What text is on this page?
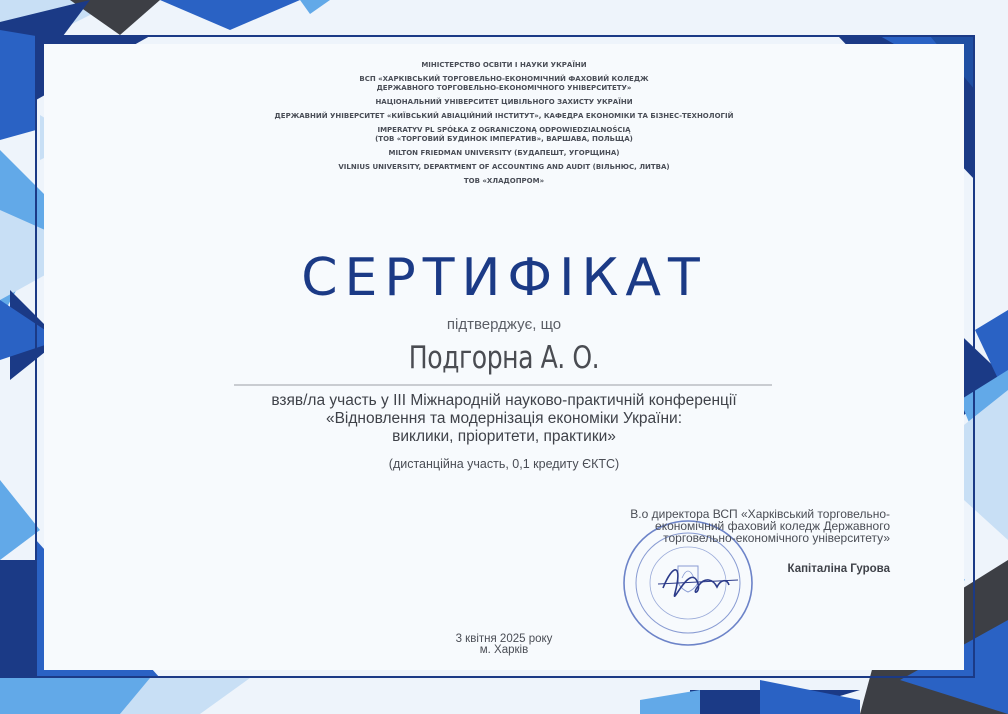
МІНІСТЕРСТВО ОСВІТИ І НАУКИ УКРАЇНИ
ВСП «ХАРКІВСЬКИЙ ТОРГОВЕЛЬНО-ЕКОНОМІЧНИЙ ФАХОВИЙ КОЛЕДЖ
ДЕРЖАВНОГО ТОРГОВЕЛЬНО-ЕКОНОМІЧНОГО УНІВЕРСИТЕТУ»
НАЦІОНАЛЬНИЙ УНІВЕРСИТЕТ ЦИВІЛЬНОГО ЗАХИСТУ УКРАЇНИ
ДЕРЖАВНИЙ УНІВЕРСИТЕТ «КИЇВСЬКИЙ АВІАЦІЙНИЙ ІНСТИТУТ», КАФЕДРА ЕКОНОМІКИ ТА БІЗНЕС-ТЕХНОЛОГІЙ
IMPERATYV PL SPÓŁKA Z OGRANICZONĄ ODPOWIEDZIALNOŚCIĄ
(ТОВ «ТОРГОВИЙ БУДИНОК ІМПЕРАТИВ», ВАРШАВА, ПОЛЬЩА)
MILTON FRIEDMAN UNIVERSITY (БУДАПЕШТ, УГОРЩИНА)
VILNIUS UNIVERSITY, DEPARTMENT OF ACCOUNTING AND AUDIT (ВІЛЬНЮС, ЛИТВА)
ТОВ «ХЛАДОПРОМ»
СЕРТИФІКАТ
підтверджує, що
Подгорна А. О.
взяв/ла участь у ІІІ Міжнародній науково-практичній конференції
«Відновлення та модернізація економіки України:
виклики, пріоритети, практики»
(дистанційна участь, 0,1 кредиту ЄКТС)
В.о директора ВСП «Харківський торговельно-
економічний фаховий коледж Державного
торговельно-економічного університету»
Капіталіна Гурова
3 квітня 2025 року
м. Харків
